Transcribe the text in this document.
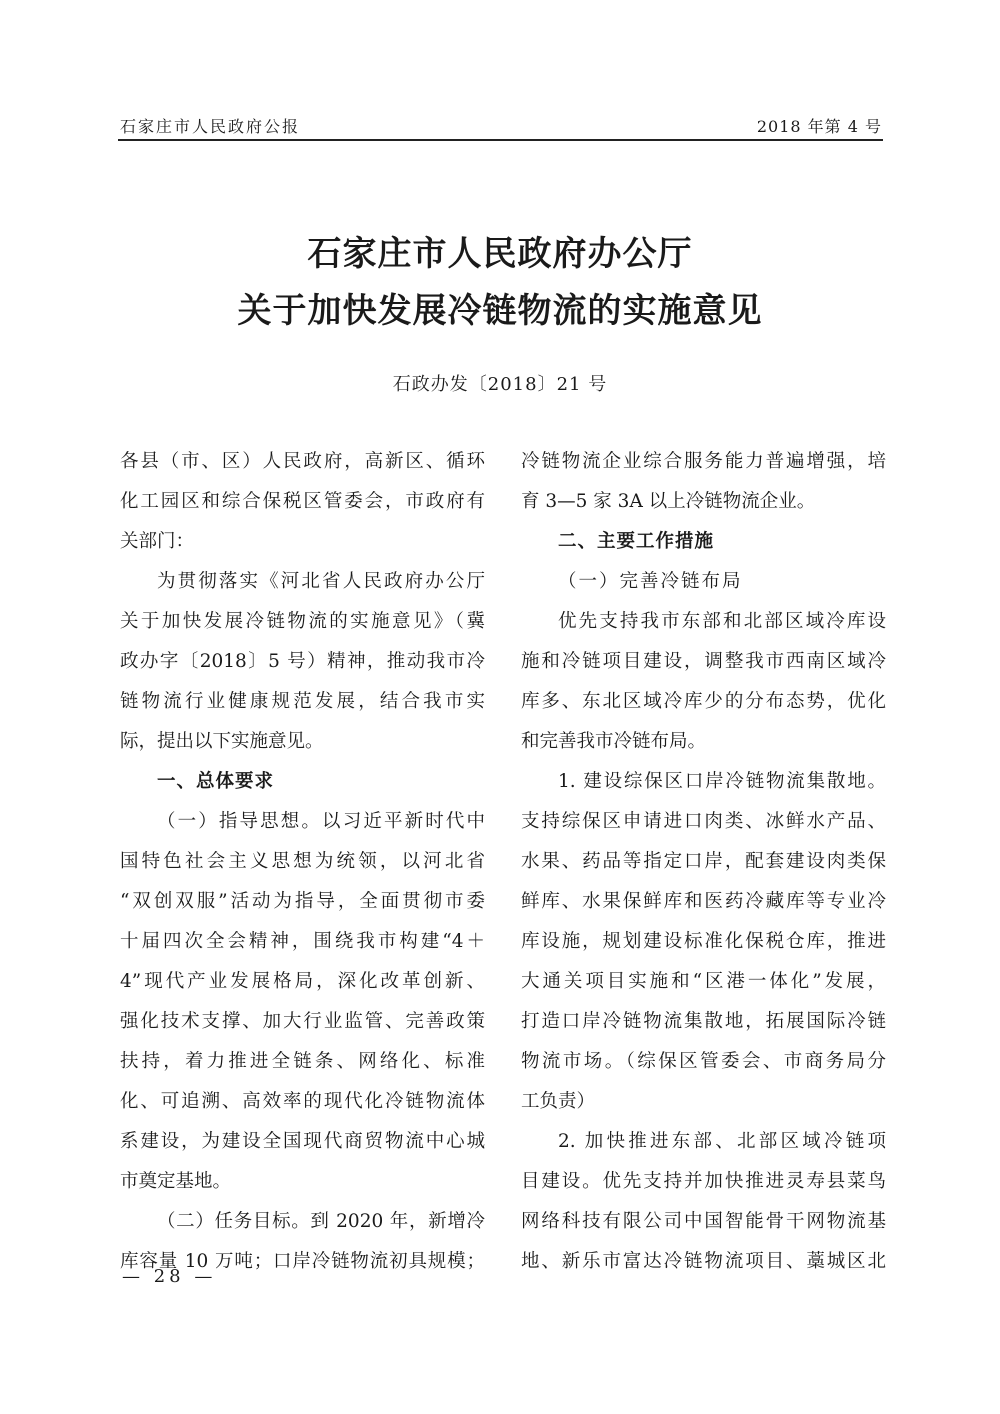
石家庄市人民政府公报	2018 年第 4 号
石家庄市人民政府办公厅
关于加快发展冷链物流的实施意见
石政办发〔2018〕21 号
各县（市、区）人民政府，高新区、循环
化工园区和综合保税区管委会，市政府有
关部门：
为贯彻落实《河北省人民政府办公厅
关于加快发展冷链物流的实施意见》（冀
政办字〔2018〕5 号）精神，推动我市冷
链物流行业健康规范发展，结合我市实
际，提出以下实施意见。
一、总体要求
（一）指导思想。以习近平新时代中
国特色社会主义思想为统领，以河北省
“双创双服”活动为指导，全面贯彻市委
十届四次全会精神，围绕我市构建“4＋
4”现代产业发展格局，深化改革创新、
强化技术支撑、加大行业监管、完善政策
扶持，着力推进全链条、网络化、标准
化、可追溯、高效率的现代化冷链物流体
系建设，为建设全国现代商贸物流中心城
市奠定基地。
（二）任务目标。到 2020 年，新增冷
库容量 10 万吨；口岸冷链物流初具规模；
冷链物流企业综合服务能力普遍增强，培
育 3—5 家 3A 以上冷链物流企业。
二、主要工作措施
（一）完善冷链布局
优先支持我市东部和北部区域冷库设
施和冷链项目建设，调整我市西南区域冷
库多、东北区域冷库少的分布态势，优化
和完善我市冷链布局。
1. 建设综保区口岸冷链物流集散地。
支持综保区申请进口肉类、冰鲜水产品、
水果、药品等指定口岸，配套建设肉类保
鲜库、水果保鲜库和医药冷藏库等专业冷
库设施，规划建设标准化保税仓库，推进
大通关项目实施和“区港一体化”发展，
打造口岸冷链物流集散地，拓展国际冷链
物流市场。（综保区管委会、市商务局分
工负责）
2. 加快推进东部、北部区域冷链项
目建设。优先支持并加快推进灵寿县菜鸟
网络科技有限公司中国智能骨干网物流基
地、新乐市富达冷链物流项目、藁城区北
— 28 —
